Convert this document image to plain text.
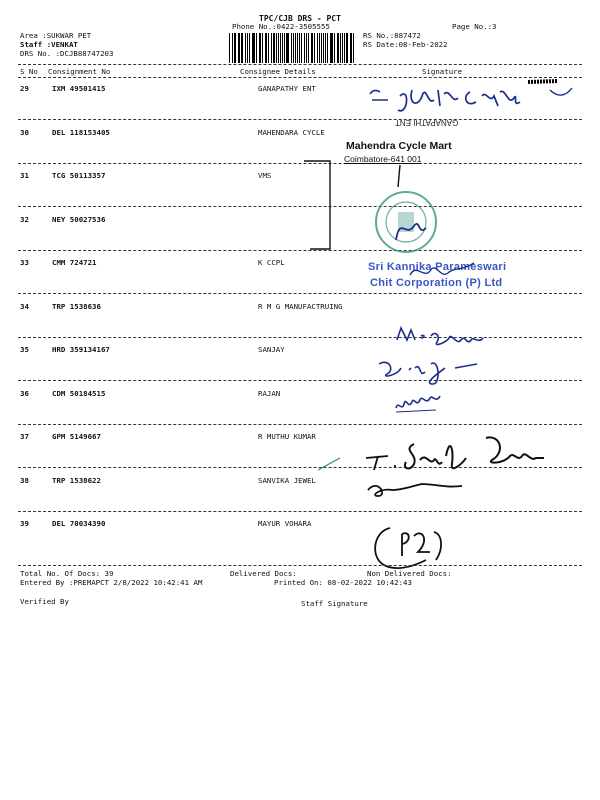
TPC/CJB DRS - PCT
Phone No.:0422-3505555	Page No.:3
Area :SUKWAR PET
Staff :VENKAT
DRS No. :DCJB88747203
RS No.:887472
RS Date:08-Feb-2022
S No Consignment No	Consignee Details	Signature
29	IXM 49501415	GANAPATHY ENT
30	DEL 118153405	MAHENDARA CYCLE
31	TCG 50113357	VMS
32	NEY 50027536
33	CMM 724721	K CCPL
34	TRP 1538636	R M G MANUFACTRUING
35	HRD 359134167	SANJAY
36	CDM 50184515	RAJAN
37	GPM 5149667	R MUTHU KUMAR
38	TRP 1538622	SANVIKA JEWEL
39	DEL 70034390	MAYUR VOHARA
Mahendra Cycle Mart
Coimbatore-641 001
GANAPATHI ENT
Sri Kannika Parameswari
Chit Corporation (P) Ltd
Total No. Of Docs: 39	Delivered Docs:	Non Delivered Docs:
Entered By :PREMAPCT 2/8/2022 10:42:41 AM	Printed On: 08-02-2022 10:42:43
Verified By	Staff Signature
